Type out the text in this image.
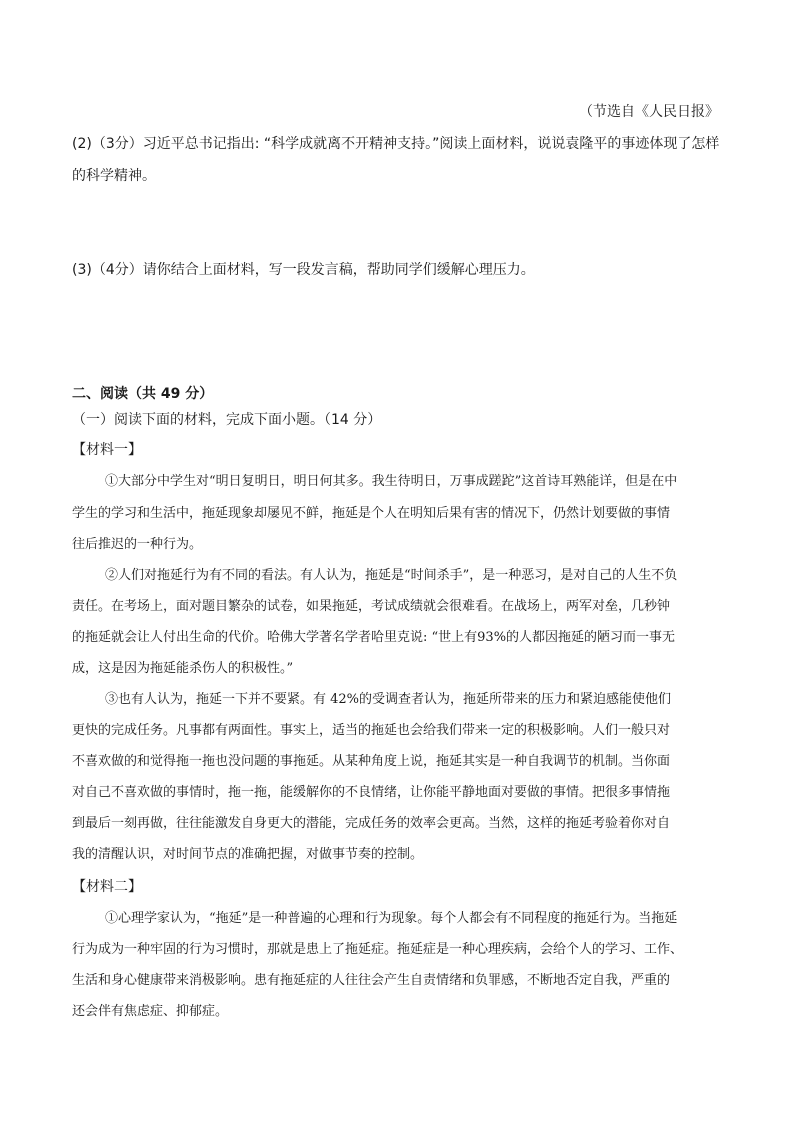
（节选自《人民日报》
(2)（3分）习近平总书记指出: “科学成就离不开精神支持。”阅读上面材料，说说袁隆平的事迹体现了怎样
的科学精神。
(3)（4分）请你结合上面材料，写一段发言稿，帮助同学们缓解心理压力。
二、阅读（共 49 分）
（一）阅读下面的材料，完成下面小题。（14 分）
【材料一】
①大部分中学生对“明日复明日，明日何其多。我生待明日，万事成蹉跎”这首诗耳熟能详，但是在中
学生的学习和生活中，拖延现象却屡见不鲜，拖延是个人在明知后果有害的情况下，仍然计划要做的事情
往后推迟的一种行为。
②人们对拖延行为有不同的看法。有人认为，拖延是“时间杀手”，是一种恶习，是对自己的人生不负
责任。在考场上，面对题目繁杂的试卷，如果拖延，考试成绩就会很难看。在战场上，两军对垒，几秒钟
的拖延就会让人付出生命的代价。哈佛大学著名学者哈里克说: “世上有93%的人都因拖延的陋习而一事无
成，这是因为拖延能杀伤人的积极性。”
③也有人认为，拖延一下并不要紧。有 42%的受调查者认为，拖延所带来的压力和紧迫感能使他们
更快的完成任务。凡事都有两面性。事实上，适当的拖延也会给我们带来一定的积极影响。人们一般只对
不喜欢做的和觉得拖一拖也没问题的事拖延。从某种角度上说，拖延其实是一种自我调节的机制。当你面
对自己不喜欢做的事情时，拖一拖，能缓解你的不良情绪，让你能平静地面对要做的事情。把很多事情拖
到最后一刻再做，往往能激发自身更大的潜能，完成任务的效率会更高。当然，这样的拖延考验着你对自
我的清醒认识，对时间节点的准确把握，对做事节奏的控制。
【材料二】
①心理学家认为，“拖延”是一种普遍的心理和行为现象。每个人都会有不同程度的拖延行为。当拖延
行为成为一种牢固的行为习惯时，那就是患上了拖延症。拖延症是一种心理疾病，会给个人的学习、工作、
生活和身心健康带来消极影响。患有拖延症的人往往会产生自责情绪和负罪感，不断地否定自我，严重的
还会伴有焦虑症、抑郁症。
